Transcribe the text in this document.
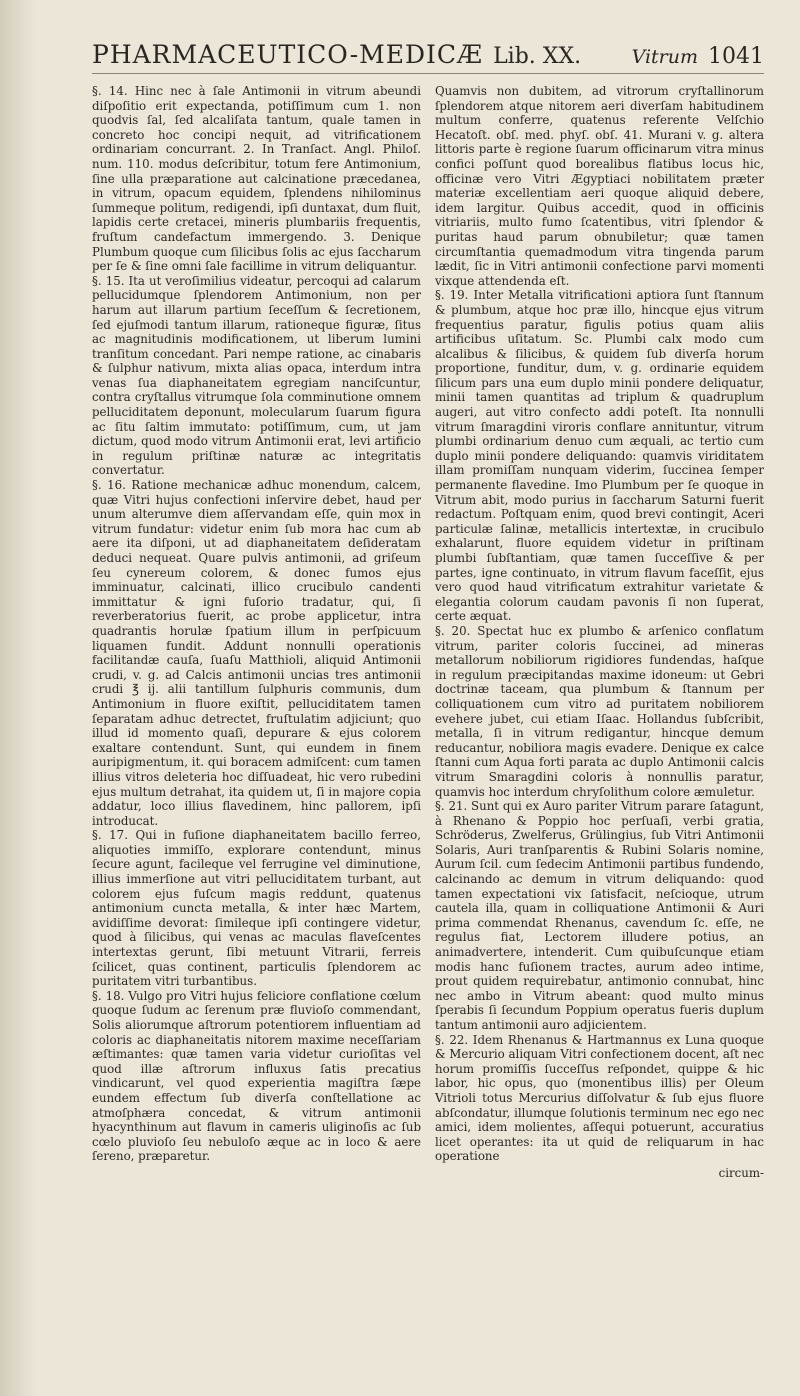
PHARMACEUTICO-MEDICÆ Lib. XX.	Vitrum 1041

§. 14. Hinc nec à ſale Antimonii in vitrum abeundi diſpoſitio erit expectanda, potiſſimum cum 1. non quodvis ſal, ſed alcaliſata tantum, quale tamen in concreto hoc concipi nequit, ad vitrificationem ordinariam concurrant. 2. In Tranſact. Angl. Philoſ. num. 110. modus deſcribitur, totum fere Antimonium, ſine ulla præparatione aut calcinatione præcedanea, in vitrum, opacum equidem, ſplendens nihilominus ſummeque politum, redigendi, ipſi duntaxat, dum fluit, lapidis certe cretacei, mineris plumbariis frequentis, fruſtum candefactum immergendo. 3. Denique Plumbum quoque cum ſilicibus ſolis ac ejus ſaccharum per ſe & ſine omni ſale facillime in vitrum deliquantur.

§. 15. Ita ut veroſimilius videatur, percoqui ad calarum pellucidumque ſplendorem Antimonium, non per harum aut illarum partium ſeceſſum & ſecretionem, ſed ejuſmodi tantum illarum, rationeque figuræ, ſitus ac magnitudinis modificationem, ut liberum lumini tranſitum concedant. Pari nempe ratione, ac cinabaris & ſulphur nativum, mixta alias opaca, interdum intra venas ſua diaphaneitatem egregiam nanciſcuntur, contra cryſtallus vitrumque ſola comminutione omnem pelluciditatem deponunt, molecularum ſuarum figura ac ſitu ſaltim immutato: potiſſimum, cum, ut jam dictum, quod modo vitrum Antimonii erat, levi artificio in regulum priſtinæ naturæ ac integritatis convertatur.

§. 16. Ratione mechanicæ adhuc monendum, calcem, quæ Vitri hujus confectioni inſervire debet, haud per unum alterumve diem aſſervandam eſſe, quin mox in vitrum fundatur: videtur enim ſub mora hac cum ab aere ita diſponi, ut ad diaphaneitatem deſideratam deduci nequeat. Quare pulvis antimonii, ad griſeum ſeu cynereum colorem, & donec fumos ejus imminuatur, calcinati, illico crucibulo candenti immittatur & igni fuſorio tradatur, qui, ſi reverberatorius fuerit, ac probe applicetur, intra quadrantis horulæ ſpatium illum in perſpicuum liquamen fundit. Addunt nonnulli operationis facilitandæ cauſa, ſuaſu Matthioli, aliquid Antimonii crudi, v. g. ad Calcis antimonii uncias tres antimonii crudi ℥ ij. alii tantillum ſulphuris communis, dum Antimonium in fluore exiſtit, pelluciditatem tamen ſeparatam adhuc detrectet, fruſtulatim adjiciunt; quo illud id momento quaſi, depurare & ejus colorem exaltare contendunt. Sunt, qui eundem in finem auripigmentum, it. qui boracem admiſcent: cum tamen illius vitros deleteria hoc diſſuadeat, hic vero rubedini ejus multum detrahat, ita quidem ut, ſi in majore copia addatur, loco illius flavedinem, hinc pallorem, ipſi introducat.

§. 17. Qui in fuſione diaphaneitatem bacillo ferreo, aliquoties immiſſo, explorare contendunt, minus ſecure agunt, facileque vel ferrugine vel diminutione, illius immerſione aut vitri pelluciditatem turbant, aut colorem ejus fuſcum magis reddunt, quatenus antimonium cuncta metalla, & inter hæc Martem, avidiſſime devorat: ſimileque ipſi contingere videtur, quod à ſilicibus, qui venas ac maculas flaveſcentes intertextas gerunt, ſibi metuunt Vitrarii, ferreis ſcilicet, quas continent, particulis ſplendorem ac puritatem vitri turbantibus.

§. 18. Vulgo pro Vitri hujus feliciore conflatione cœlum quoque ſudum ac ſerenum præ fluvioſo commendant, Solis aliorumque aſtrorum potentiorem influentiam ad coloris ac diaphaneitatis nitorem maxime neceſſariam æſtimantes: quæ tamen varia videtur curioſitas vel quod illæ aſtrorum influxus ſatis precatius vindicarunt, vel quod experientia magiſtra ſæpe eundem effectum ſub diverſa conſtellatione ac atmoſphæra concedat, & vitrum antimonii hyacynthinum aut flavum in cameris uliginoſis ac ſub cœlo pluvioſo ſeu nebuloſo æque ac in loco & aere ſereno, præparetur.

Quamvis non dubitem, ad vitrorum cryſtallinorum ſplendorem atque nitorem aeri diverſam habitudinem multum conferre, quatenus referente Velſchio Hecatoſt. obſ. med. phyſ. obſ. 41. Murani v. g. altera littoris parte è regione ſuarum officinarum vitra minus confici poſſunt quod borealibus flatibus locus hic, officinæ vero Vitri Ægyptiaci nobilitatem præter materiæ excellentiam aeri quoque aliquid debere, idem largitur. Quibus accedit, quod in officinis vitriariis, multo fumo ſcatentibus, vitri ſplendor & puritas haud parum obnubiletur; quæ tamen circumſtantia quemadmodum vitra tingenda parum lædit, ſic in Vitri antimonii confectione parvi momenti vixque attendenda eſt.

§. 19. Inter Metalla vitrificationi aptiora ſunt ſtannum & plumbum, atque hoc præ illo, hincque ejus vitrum frequentius paratur, figulis potius quam aliis artificibus uſitatum. Sc. Plumbi calx modo cum alcalibus & ſilicibus, & quidem ſub diverſa horum proportione, funditur, dum, v. g. ordinarie equidem ſilicum pars una eum duplo minii pondere deliquatur, minii tamen quantitas ad triplum & quadruplum augeri, aut vitro confecto addi poteſt. Ita nonnulli vitrum ſmaragdini viroris conflare annituntur, vitrum plumbi ordinarium denuo cum æquali, ac tertio cum duplo minii pondere deliquando: quamvis viriditatem illam promiſſam nunquam viderim, ſuccinea ſemper permanente flavedine. Imo Plumbum per ſe quoque in Vitrum abit, modo purius in ſaccharum Saturni fuerit redactum. Poſtquam enim, quod brevi contingit, Aceri particulæ ſalinæ, metallicis intertextæ, in crucibulo exhalarunt, fluore equidem videtur in priſtinam plumbi ſubſtantiam, quæ tamen ſucceſſive & per partes, igne continuato, in vitrum flavum faceſſit, ejus vero quod haud vitrificatum extrahitur varietate & elegantia colorum caudam pavonis ſi non ſuperat, certe æquat.

§. 20. Spectat huc ex plumbo & arſenico conflatum vitrum, pariter coloris ſuccinei, ad mineras metallorum nobiliorum rigidiores fundendas, haſque in regulum præcipitandas maxime idoneum: ut Gebri doctrinæ taceam, qua plumbum & ſtannum per colliquationem cum vitro ad puritatem nobiliorem evehere jubet, cui etiam Iſaac. Hollandus ſubſcribit, metalla, ſi in vitrum redigantur, hincque demum reducantur, nobiliora magis evadere. Denique ex calce ſtanni cum Aqua forti parata ac duplo Antimonii calcis vitrum Smaragdini coloris à nonnullis paratur, quamvis hoc interdum chryſolithum colore æmuletur.

§. 21. Sunt qui ex Auro pariter Vitrum parare ſatagunt, à Rhenano & Poppio hoc perſuaſi, verbi gratia, Schröderus, Zwelferus, Grülingius, ſub Vitri Antimonii Solaris, Auri tranſparentis & Rubini Solaris nomine, Aurum ſcil. cum ſedecim Antimonii partibus fundendo, calcinando ac demum in vitrum deliquando: quod tamen expectationi vix ſatisfacit, neſcioque, utrum cautela illa, quam in colliquatione Antimonii & Auri prima commendat Rhenanus, cavendum ſc. eſſe, ne regulus fiat, Lectorem illudere potius, an animadvertere, intenderit. Cum quibuſcunque etiam modis hanc fuſionem tractes, aurum adeo intime, prout quidem requirebatur, antimonio connubat, hinc nec ambo in Vitrum abeant: quod multo minus ſperabis ſi ſecundum Poppium operatus fueris duplum tantum antimonii auro adjicientem.

§. 22. Idem Rhenanus & Hartmannus ex Luna quoque & Mercurio aliquam Vitri confectionem docent, aſt nec horum promiſſis ſucceſſus reſpondet, quippe & hic labor, hic opus, quo (monentibus illis) per Oleum Vitrioli totus Mercurius diſſolvatur & ſub ejus fluore abſcondatur, illumque ſolutionis terminum nec ego nec amici, idem molientes, aſſequi potuerunt, accuratius licet operantes: ita ut quid de reliquarum in hac operatione

circum-
